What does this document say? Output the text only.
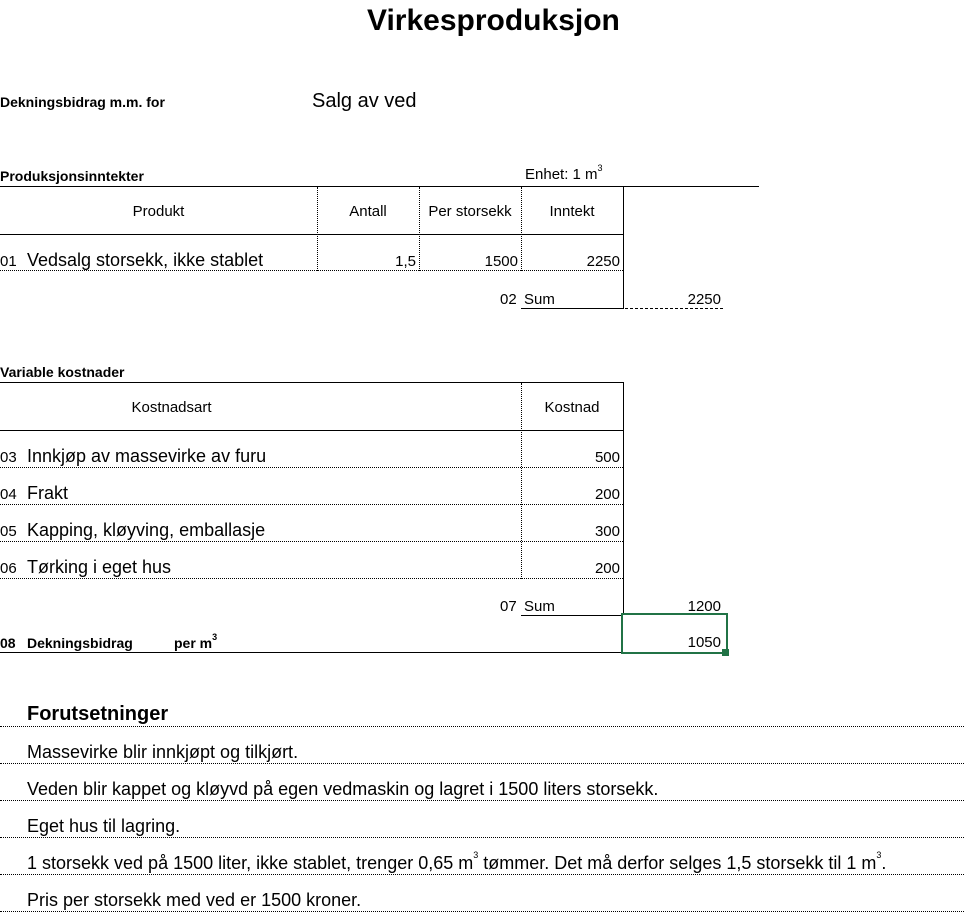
Virkesproduksjon
Dekningsbidrag m.m. for	Salg av ved
Produksjonsinntekter	Enhet: 1 $m^3$
Produkt	Antall	Per storsekk	Inntekt
01 Vedsalg storsekk, ikke stablet	1,5	1500	2250
02 Sum	2250
Variable kostnader
Kostnadsart	Kostnad
03 Innkjøp av massevirke av furu	500
04 Frakt	200
05 Kapping, kløyving, emballasje	300
06 Tørking i eget hus	200
07 Sum	1200
08 Dekningsbidrag	per $m^3$	1050
Forutsetninger
Massevirke blir innkjøpt og tilkjørt.
Veden blir kappet og kløyvd på egen vedmaskin og lagret i 1500 liters storsekk.
Eget hus til lagring.
1 storsekk ved på 1500 liter, ikke stablet, trenger 0,65 $m^3$ tømmer. Det må derfor selges 1,5 storsekk til 1 $m^3$.
Pris per storsekk med ved er 1500 kroner.
